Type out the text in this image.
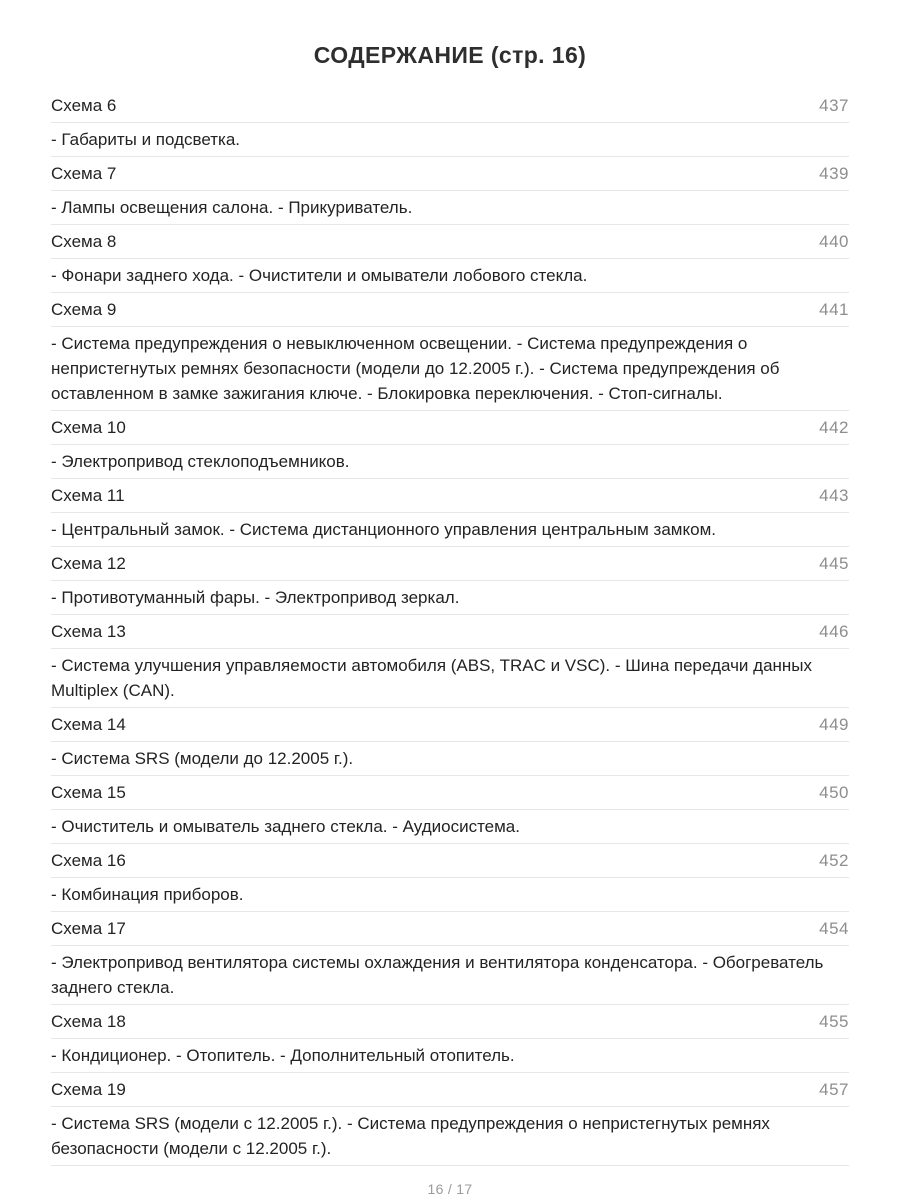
СОДЕРЖАНИЕ (стр. 16)
Схема 6	437
- Габариты и подсветка.
Схема 7	439
- Лампы освещения салона. - Прикуриватель.
Схема 8	440
- Фонари заднего хода. - Очистители и омыватели лобового стекла.
Схема 9	441
- Система предупреждения о невыключенном освещении. - Система предупреждения о непристегнутых ремнях безопасности (модели до 12.2005 г.). - Система предупреждения об оставленном в замке зажигания ключе. - Блокировка переключения. - Стоп-сигналы.
Схема 10	442
- Электропривод стеклоподъемников.
Схема 11	443
- Центральный замок. - Система дистанционного управления центральным замком.
Схема 12	445
- Противотуманный фары. - Электропривод зеркал.
Схема 13	446
- Система улучшения управляемости автомобиля (ABS, TRAC и VSC). - Шина передачи данных Multiplex (CAN).
Схема 14	449
- Система SRS (модели до 12.2005 г.).
Схема 15	450
- Очиститель и омыватель заднего стекла. - Аудиосистема.
Схема 16	452
- Комбинация приборов.
Схема 17	454
- Электропривод вентилятора системы охлаждения и вентилятора конденсатора. - Обогреватель заднего стекла.
Схема 18	455
- Кондиционер. - Отопитель. - Дополнительный отопитель.
Схема 19	457
- Система SRS (модели с 12.2005 г.). - Система предупреждения о непристегнутых ремнях безопасности (модели с 12.2005 г.).
16 / 17
